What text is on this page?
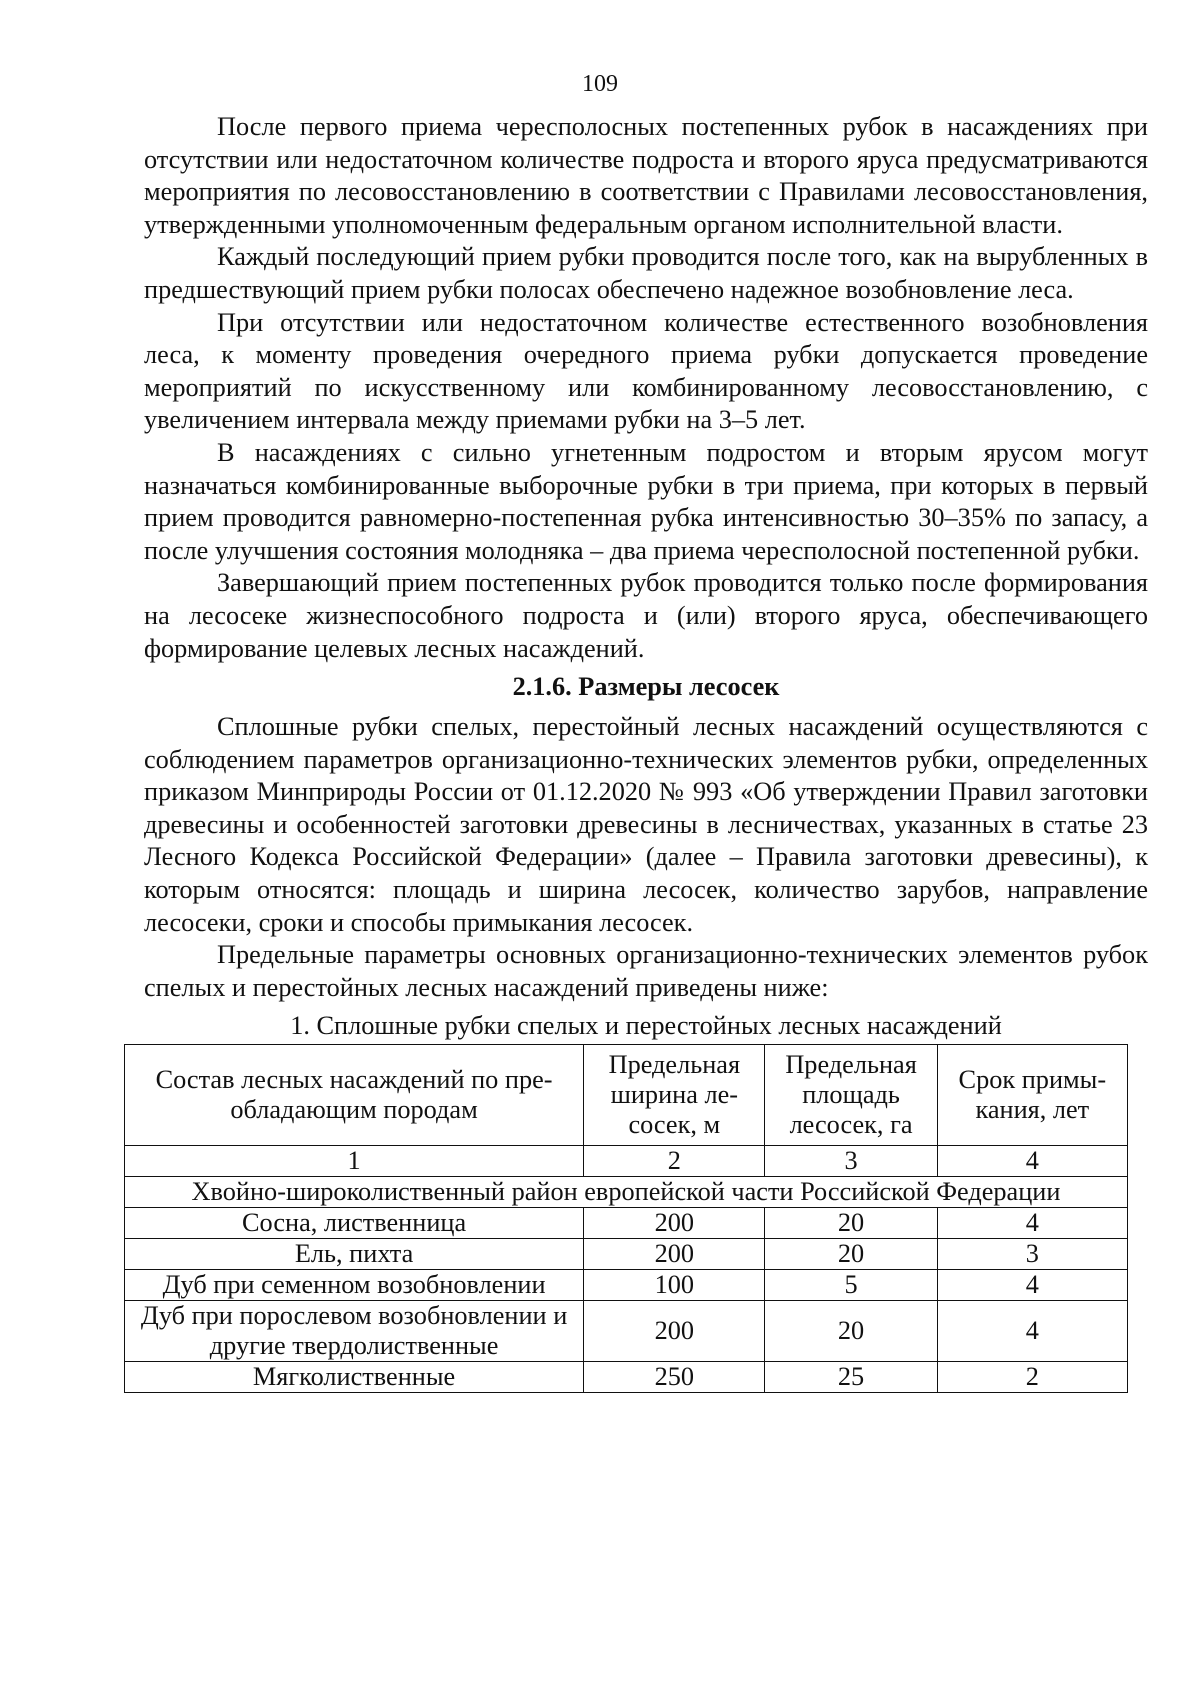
109

После первого приема чересполосных постепенных рубок в насаждениях при отсутствии или недостаточном количестве подроста и второго яруса предусматриваются мероприятия по лесовосстановлению в соответствии с Правилами лесовосстановления, утвержденными уполномоченным федеральным органом исполнительной власти.

Каждый последующий прием рубки проводится после того, как на вырубленных в предшествующий прием рубки полосах обеспечено надежное возобновление леса.

При отсутствии или недостаточном количестве естественного возобновления леса, к моменту проведения очередного приема рубки допускается проведение мероприятий по искусственному или комбинированному лесовосстановлению, с увеличением интервала между приемами рубки на 3–5 лет.

В насаждениях с сильно угнетенным подростом и вторым ярусом могут назначаться комбинированные выборочные рубки в три приема, при которых в первый прием проводится равномерно-постепенная рубка интенсивностью 30–35% по запасу, а после улучшения состояния молодняка – два приема чересполосной постепенной рубки.

Завершающий прием постепенных рубок проводится только после формирования на лесосеке жизнеспособного подроста и (или) второго яруса, обеспечивающего формирование целевых лесных насаждений.

2.1.6. Размеры лесосек

Сплошные рубки спелых, перестойный лесных насаждений осуществляются с соблюдением параметров организационно-технических элементов рубки, определенных приказом Минприроды России от 01.12.2020 № 993 «Об утверждении Правил заготовки древесины и особенностей заготовки древесины в лесничествах, указанных в статье 23 Лесного Кодекса Российской Федерации» (далее – Правила заготовки древесины), к которым относятся: площадь и ширина лесосек, количество зарубов, направление лесосеки, сроки и способы примыкания лесосек.

Предельные параметры основных организационно-технических элементов рубок спелых и перестойных лесных насаждений приведены ниже:

1. Сплошные рубки спелых и перестойных лесных насаждений
Состав лесных насаждений по пре-обладающим породам	Предельная ширина ле-сосек, м	Предельная площадь лесосек, га	Срок примы-кания, лет
1	2	3	4
Хвойно-широколиственный район европейской части Российской Федерации			
Сосна, лиственница	200	20	4
Ель, пихта	200	20	3
Дуб при семенном возобновлении	100	5	4
Дуб при порослевом возобновлении и другие твердолиственные	200	20	4
Мягколиственные	250	25	2
